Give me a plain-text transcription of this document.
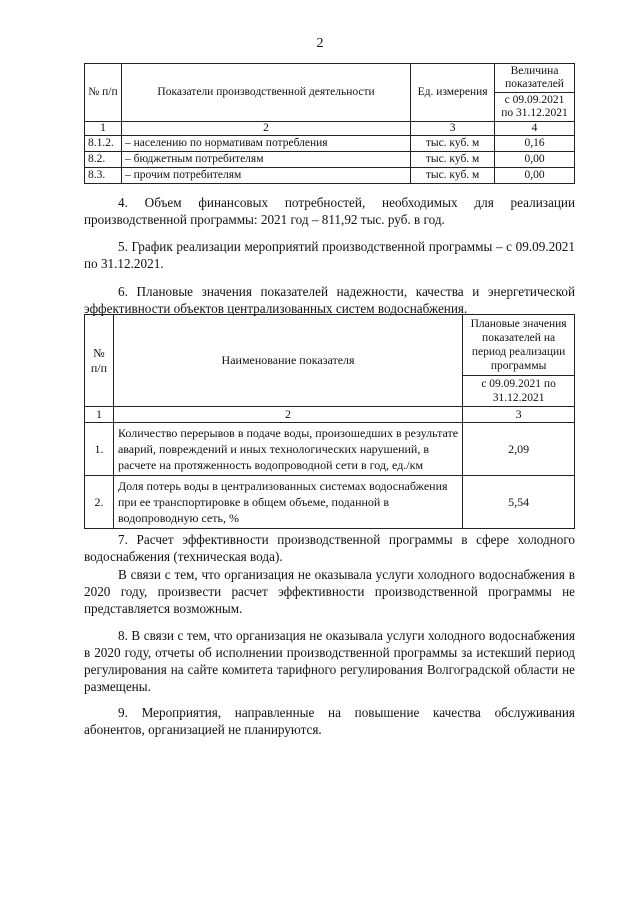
2
№ п/п	Показатели производственной деятельности	Ед. измерения	Величина показателей
			с 09.09.2021 по 31.12.2021
1	2	3	4
8.1.2.	– населению по нормативам потребления	тыс. куб. м	0,16
8.2.	– бюджетным потребителям	тыс. куб. м	0,00
8.3.	– прочим потребителям	тыс. куб. м	0,00

4. Объем финансовых потребностей, необходимых для реализации производственной программы: 2021 год – 811,92 тыс. руб. в год.

5. График реализации мероприятий производственной программы – с 09.09.2021 по 31.12.2021.

6. Плановые значения показателей надежности, качества и энергетической эффективности объектов централизованных систем водоснабжения.

№ п/п	Наименование показателя	Плановые значения показателей на период реализации программы
		с 09.09.2021 по 31.12.2021
1	2	3
1.	Количество перерывов в подаче воды, произошедших в результате аварий, повреждений и иных технологических нарушений, в расчете на протяженность водопроводной сети в год, ед./км	2,09
2.	Доля потерь воды в централизованных системах водоснабжения при ее транспортировке в общем объеме, поданной в водопроводную сеть, %	5,54

7. Расчет эффективности производственной программы в сфере холодного водоснабжения (техническая вода).

В связи с тем, что организация не оказывала услуги холодного водоснабжения в 2020 году, произвести расчет эффективности производственной программы не представляется возможным.

8. В связи с тем, что организация не оказывала услуги холодного водоснабжения в 2020 году, отчеты об исполнении производственной программы за истекший период регулирования на сайте комитета тарифного регулирования Волгоградской области не размещены.

9. Мероприятия, направленные на повышение качества обслуживания абонентов, организацией не планируются.
